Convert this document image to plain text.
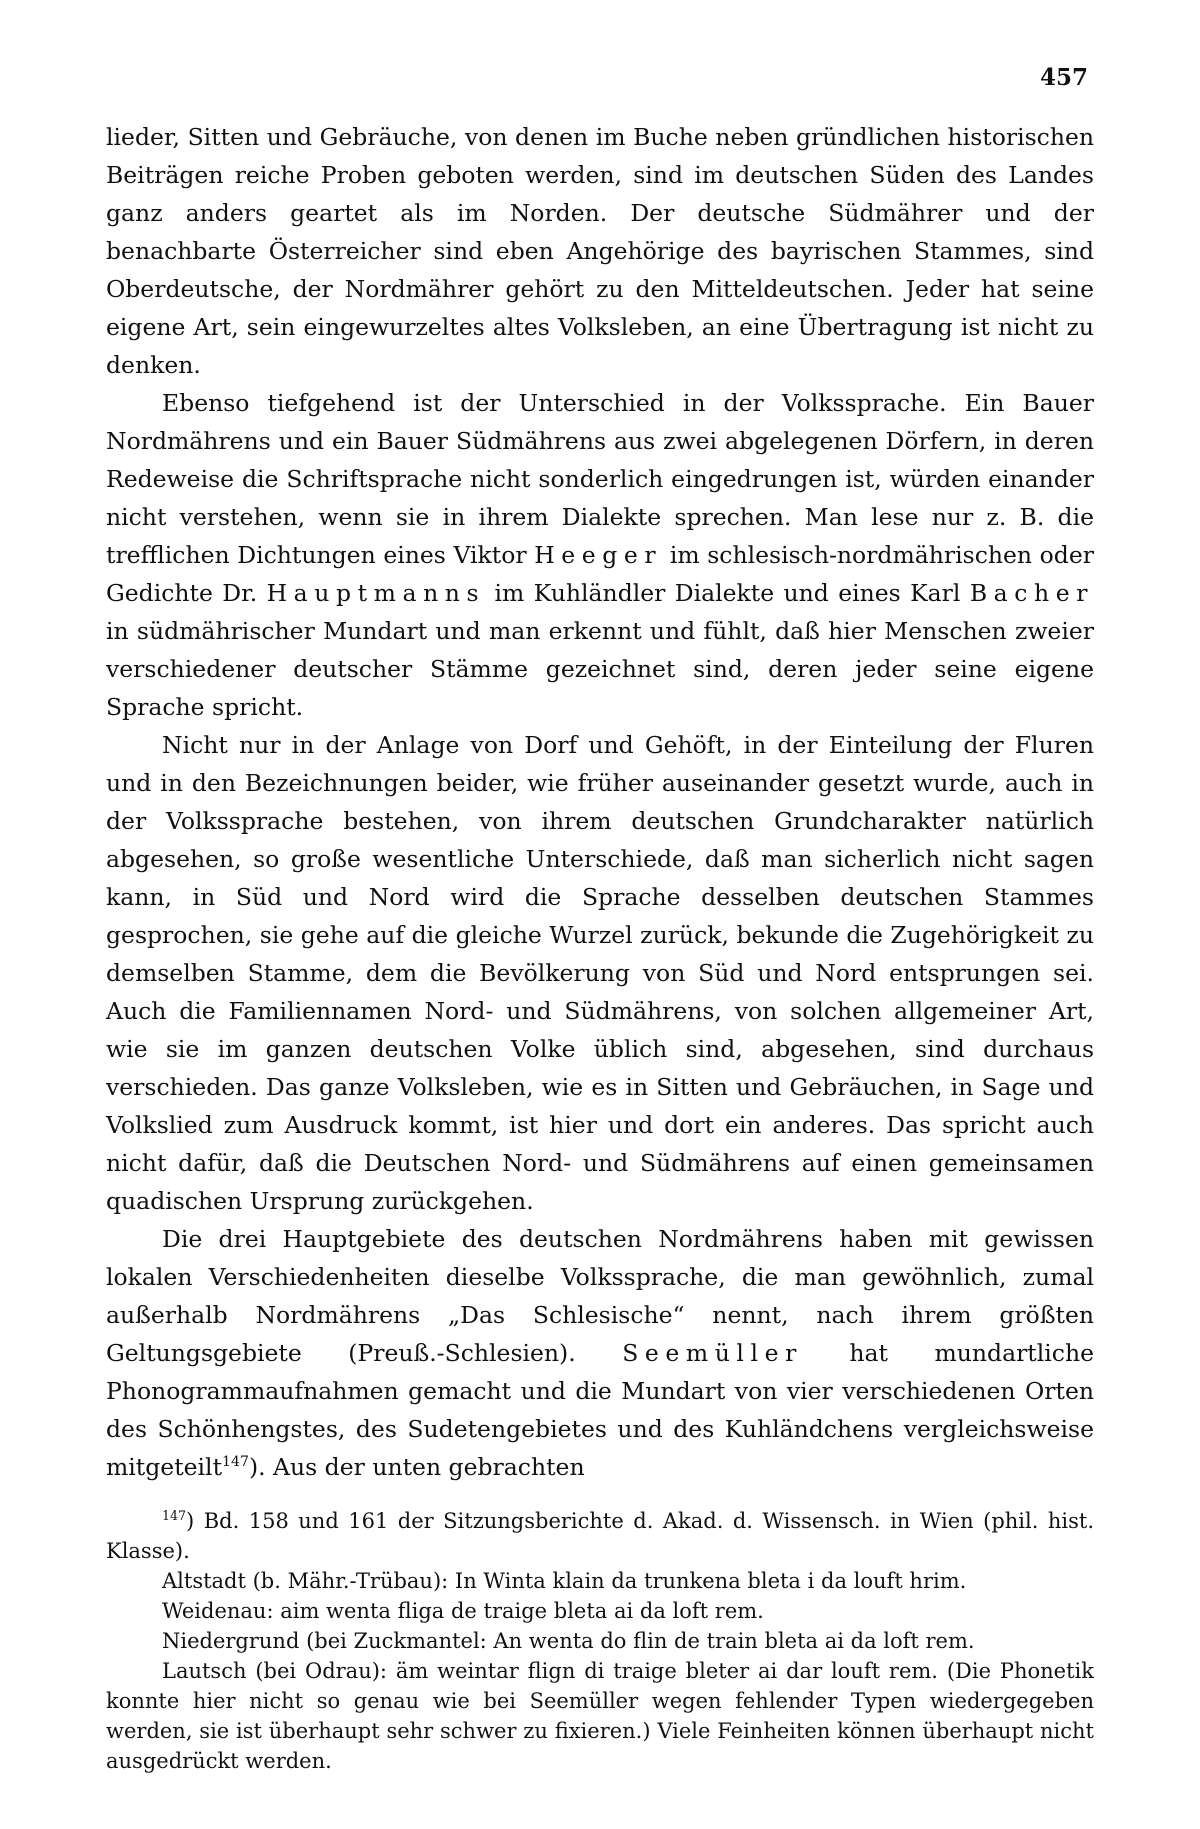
457

lieder, Sitten und Gebräuche, von denen im Buche neben gründlichen historischen Beiträgen reiche Proben geboten werden, sind im deutschen Süden des Landes ganz anders geartet als im Norden. Der deutsche Südmährer und der benachbarte Österreicher sind eben Angehörige des bayrischen Stammes, sind Oberdeutsche, der Nordmährer gehört zu den Mitteldeutschen. Jeder hat seine eigene Art, sein eingewurzeltes altes Volksleben, an eine Übertragung ist nicht zu denken.

Ebenso tiefgehend ist der Unterschied in der Volkssprache. Ein Bauer Nordmährens und ein Bauer Südmährens aus zwei abgelegenen Dörfern, in deren Redeweise die Schriftsprache nicht sonderlich eingedrungen ist, würden einander nicht verstehen, wenn sie in ihrem Dialekte sprechen. Man lese nur z. B. die trefflichen Dichtungen eines Viktor Heeger im schlesisch-nordmährischen oder Gedichte Dr. Hauptmanns im Kuhländler Dialekte und eines Karl Bacher in südmährischer Mundart und man erkennt und fühlt, daß hier Menschen zweier verschiedener deutscher Stämme gezeichnet sind, deren jeder seine eigene Sprache spricht.

Nicht nur in der Anlage von Dorf und Gehöft, in der Einteilung der Fluren und in den Bezeichnungen beider, wie früher auseinander gesetzt wurde, auch in der Volkssprache bestehen, von ihrem deutschen Grundcharakter natürlich abgesehen, so große wesentliche Unterschiede, daß man sicherlich nicht sagen kann, in Süd und Nord wird die Sprache desselben deutschen Stammes gesprochen, sie gehe auf die gleiche Wurzel zurück, bekunde die Zugehörigkeit zu demselben Stamme, dem die Bevölkerung von Süd und Nord entsprungen sei. Auch die Familiennamen Nord- und Südmährens, von solchen allgemeiner Art, wie sie im ganzen deutschen Volke üblich sind, abgesehen, sind durchaus verschieden. Das ganze Volksleben, wie es in Sitten und Gebräuchen, in Sage und Volkslied zum Ausdruck kommt, ist hier und dort ein anderes. Das spricht auch nicht dafür, daß die Deutschen Nord- und Südmährens auf einen gemeinsamen quadischen Ursprung zurückgehen.

Die drei Hauptgebiete des deutschen Nordmährens haben mit gewissen lokalen Verschiedenheiten dieselbe Volkssprache, die man gewöhnlich, zumal außerhalb Nordmährens „Das Schlesische“ nennt, nach ihrem größten Geltungsgebiete (Preuß.-Schlesien). Seemüller hat mundartliche Phonogrammaufnahmen gemacht und die Mundart von vier verschiedenen Orten des Schönhengstes, des Sudetengebietes und des Kuhländchens vergleichsweise mitgeteilt$^{147}$). Aus der unten gebrachten

$^{147}$) Bd. 158 und 161 der Sitzungsberichte d. Akad. d. Wissensch. in Wien (phil. hist. Klasse).

Altstadt (b. Mähr.-Trübau): In Winta klain da trunkena bleta i da louft hrim.

Weidenau: aim wenta fliga de traige bleta ai da loft rem.

Niedergrund (bei Zuckmantel: An wenta do flin de train bleta ai da loft rem.

Lautsch (bei Odrau): äm weintar flign di traige bleter ai dar louft rem. (Die Phonetik konnte hier nicht so genau wie bei Seemüller wegen fehlender Typen wiedergegeben werden, sie ist überhaupt sehr schwer zu fixieren.) Viele Feinheiten können überhaupt nicht ausgedrückt werden.
